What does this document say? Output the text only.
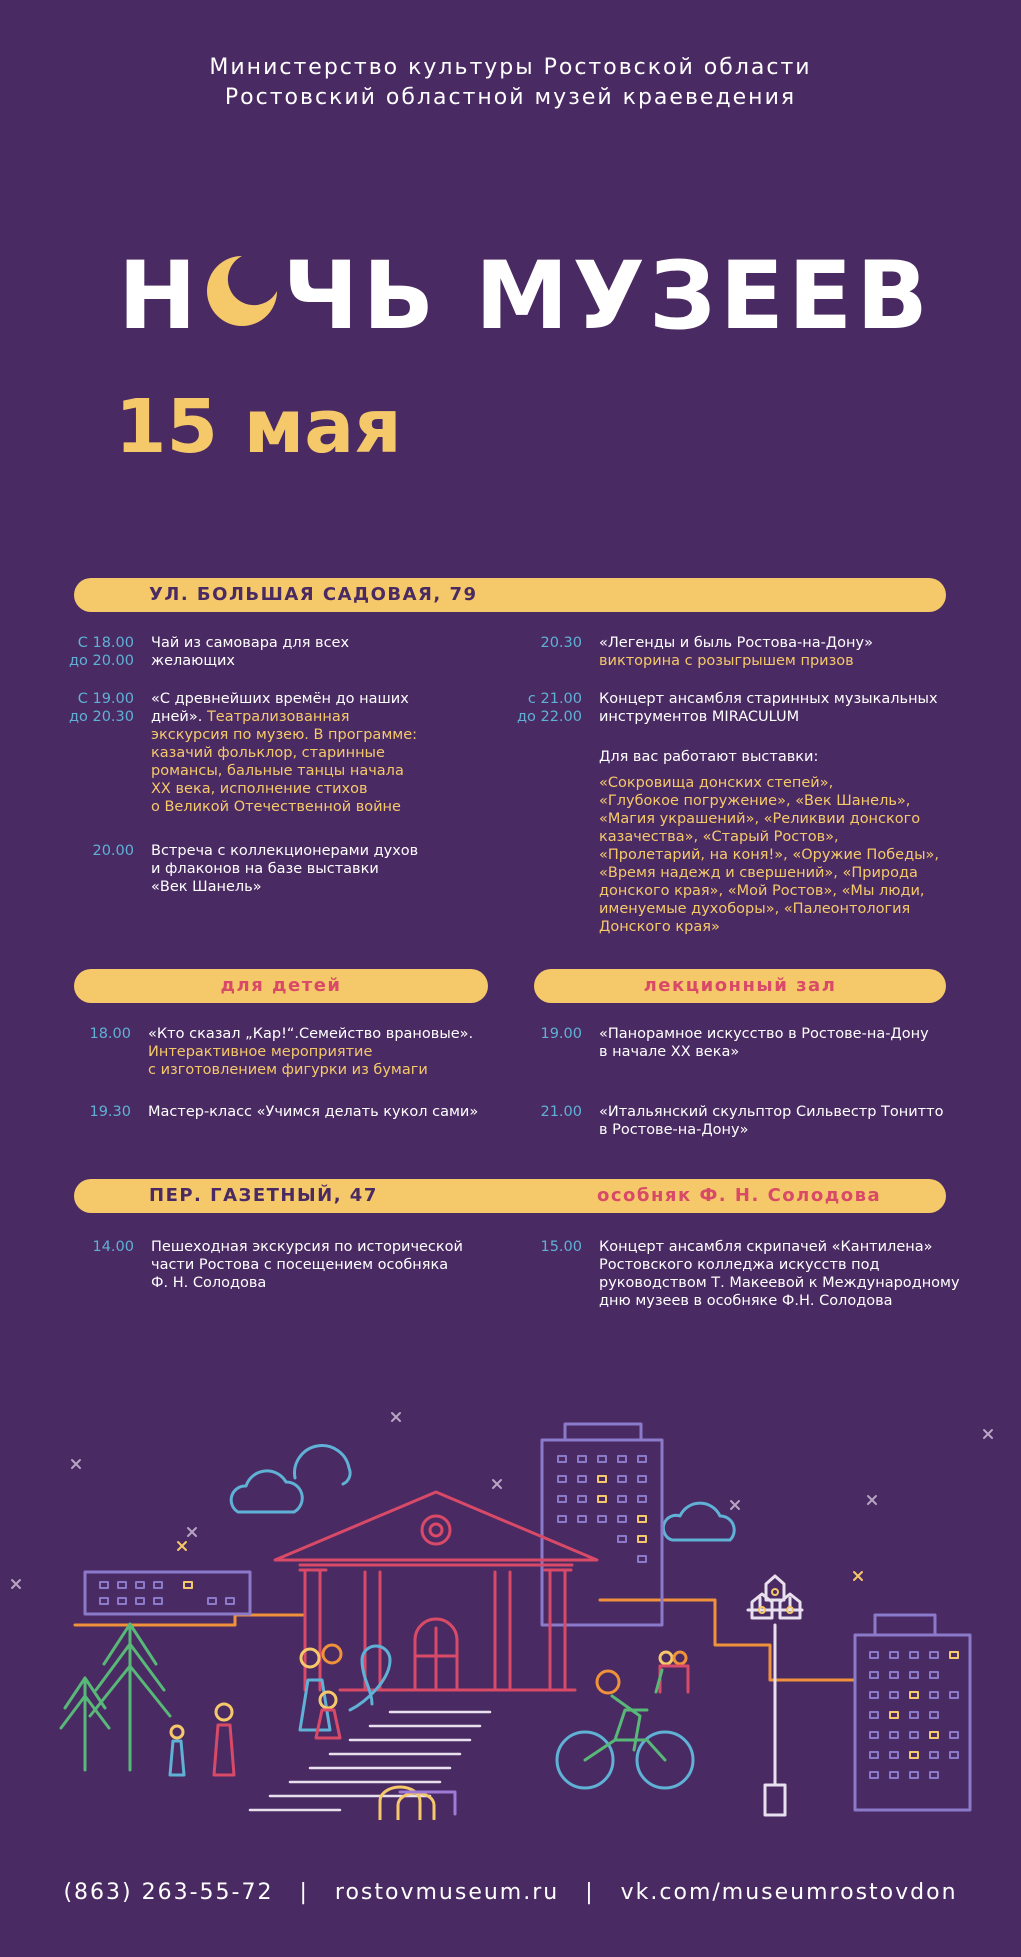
Министерство культуры Ростовской области
Ростовский областной музей краеведения
Н ЧЬ МУЗЕЕВ
15 мая
УЛ. БОЛЬШАЯ САДОВАЯ, 79
С 18.00
до 20.00
Чай из самовара для всех
желающих
С 19.00
до 20.30
«С древнейших времён до наших
дней». Театрализованная
экскурсия по музею. В программе:
казачий фольклор, старинные
романсы, бальные танцы начала
XX века, исполнение стихов
о Великой Отечественной войне
20.00 Встреча с коллекционерами духов
и флаконов на базе выставки
«Век Шанель»
20.30 «Легенды и быль Ростова-на-Дону»
викторина с розыгрышем призов
с 21.00
до 22.00
Концерт ансамбля старинных музыкальных
инструментов MIRACULUM
Для вас работают выставки:
«Сокровища донских степей»,
«Глубокое погружение», «Век Шанель»,
«Магия украшений», «Реликвии донского
казачества», «Старый Ростов»,
«Пролетарий, на коня!», «Оружие Победы»,
«Время надежд и свершений», «Природа
донского края», «Мой Ростов», «Мы люди,
именуемые духоборы», «Палеонтология
Донского края»
для детей	лекционный зал
18.00 «Кто сказал „Кар!“.Семейство врановые».
Интерактивное мероприятие
с изготовлением фигурки из бумаги
19.30 Мастер-класс «Учимся делать кукол сами»
19.00 «Панорамное искусство в Ростове-на-Дону
в начале XX века»
21.00 «Итальянский скульптор Сильвестр Тонитто
в Ростове-на-Дону»
ПЕР. ГАЗЕТНЫЙ, 47	особняк Ф. Н. Солодова
14.00 Пешеходная экскурсия по исторической
части Ростова с посещением особняка
Ф. Н. Солодова
15.00 Концерт ансамбля скрипачей «Кантилена»
Ростовского колледжа искусств под
руководством Т. Макеевой к Международному
дню музеев в особняке Ф.Н. Солодова
(863) 263-55-72 | rostovmuseum.ru | vk.com/museumrostovdon
